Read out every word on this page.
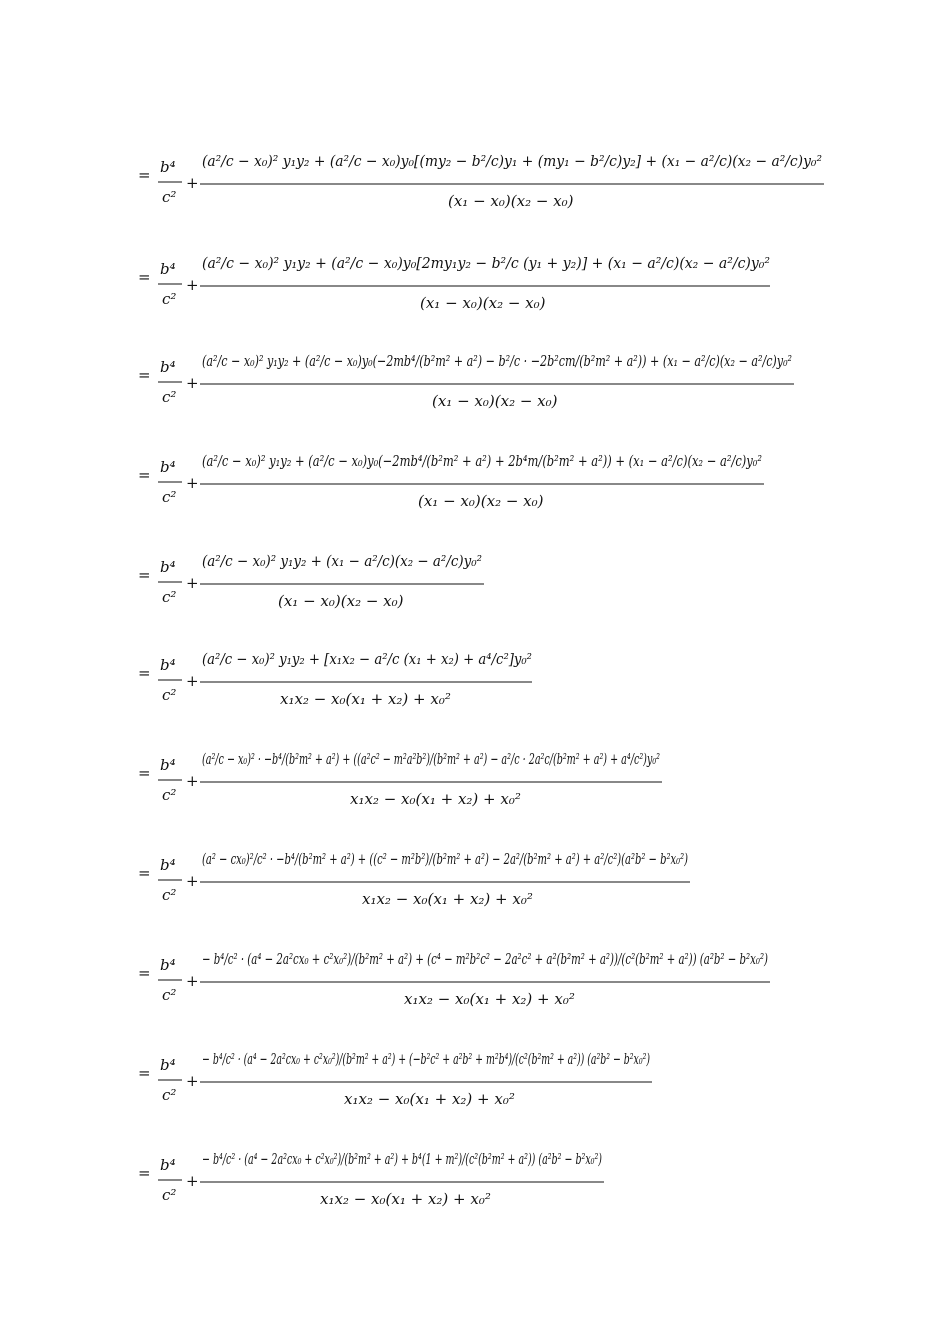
= b⁴
c²
+
(a²/c − x₀)² y₁y₂ + (a²/c − x₀)y₀[(my₂ − b²/c)y₁ + (my₁ − b²/c)y₂] + (x₁ − a²/c)(x₂ − a²/c)y₀²
(x₁ − x₀)(x₂ − x₀)
= b⁴
c²
+
(a²/c − x₀)² y₁y₂ + (a²/c − x₀)y₀[2my₁y₂ − b²/c (y₁ + y₂)] + (x₁ − a²/c)(x₂ − a²/c)y₀²
(x₁ − x₀)(x₂ − x₀)
= b⁴
c²
+
(a²/c − x₀)² y₁y₂ + (a²/c − x₀)y₀(−2mb⁴/(b²m² + a²) − b²/c · −2b²cm/(b²m² + a²)) + (x₁ − a²/c)(x₂ − a²/c)y₀²
(x₁ − x₀)(x₂ − x₀)
= b⁴
c²
+
(a²/c − x₀)² y₁y₂ + (a²/c − x₀)y₀(−2mb⁴/(b²m² + a²) + 2b⁴m/(b²m² + a²)) + (x₁ − a²/c)(x₂ − a²/c)y₀²
(x₁ − x₀)(x₂ − x₀)
= b⁴
c²
+
(a²/c − x₀)² y₁y₂ + (x₁ − a²/c)(x₂ − a²/c)y₀²
(x₁ − x₀)(x₂ − x₀)
= b⁴
c²
+
(a²/c − x₀)² y₁y₂ + [x₁x₂ − a²/c (x₁ + x₂) + a⁴/c²]y₀²
x₁x₂ − x₀(x₁ + x₂) + x₀²
= b⁴
c²
+
(a²/c − x₀)² · −b⁴/(b²m² + a²) + ((a²c² − m²a²b²)/(b²m² + a²) − a²/c · 2a²c/(b²m² + a²) + a⁴/c²)y₀²
x₁x₂ − x₀(x₁ + x₂) + x₀²
= b⁴
c²
+
(a² − cx₀)²/c² · −b⁴/(b²m² + a²) + ((c² − m²b²)/(b²m² + a²) − 2a²/(b²m² + a²) + a²/c²)(a²b² − b²x₀²)
x₁x₂ − x₀(x₁ + x₂) + x₀²
= b⁴
c²
+
− b⁴/c² · (a⁴ − 2a²cx₀ + c²x₀²)/(b²m² + a²) + (c⁴ − m²b²c² − 2a²c² + a²(b²m² + a²))/(c²(b²m² + a²)) (a²b² − b²x₀²)
x₁x₂ − x₀(x₁ + x₂) + x₀²
= b⁴
c²
+
− b⁴/c² · (a⁴ − 2a²cx₀ + c²x₀²)/(b²m² + a²) + (−b²c² + a²b² + m²b⁴)/(c²(b²m² + a²)) (a²b² − b²x₀²)
x₁x₂ − x₀(x₁ + x₂) + x₀²
= b⁴
c²
+
− b⁴/c² · (a⁴ − 2a²cx₀ + c²x₀²)/(b²m² + a²) + b⁴(1 + m²)/(c²(b²m² + a²)) (a²b² − b²x₀²)
x₁x₂ − x₀(x₁ + x₂) + x₀²
